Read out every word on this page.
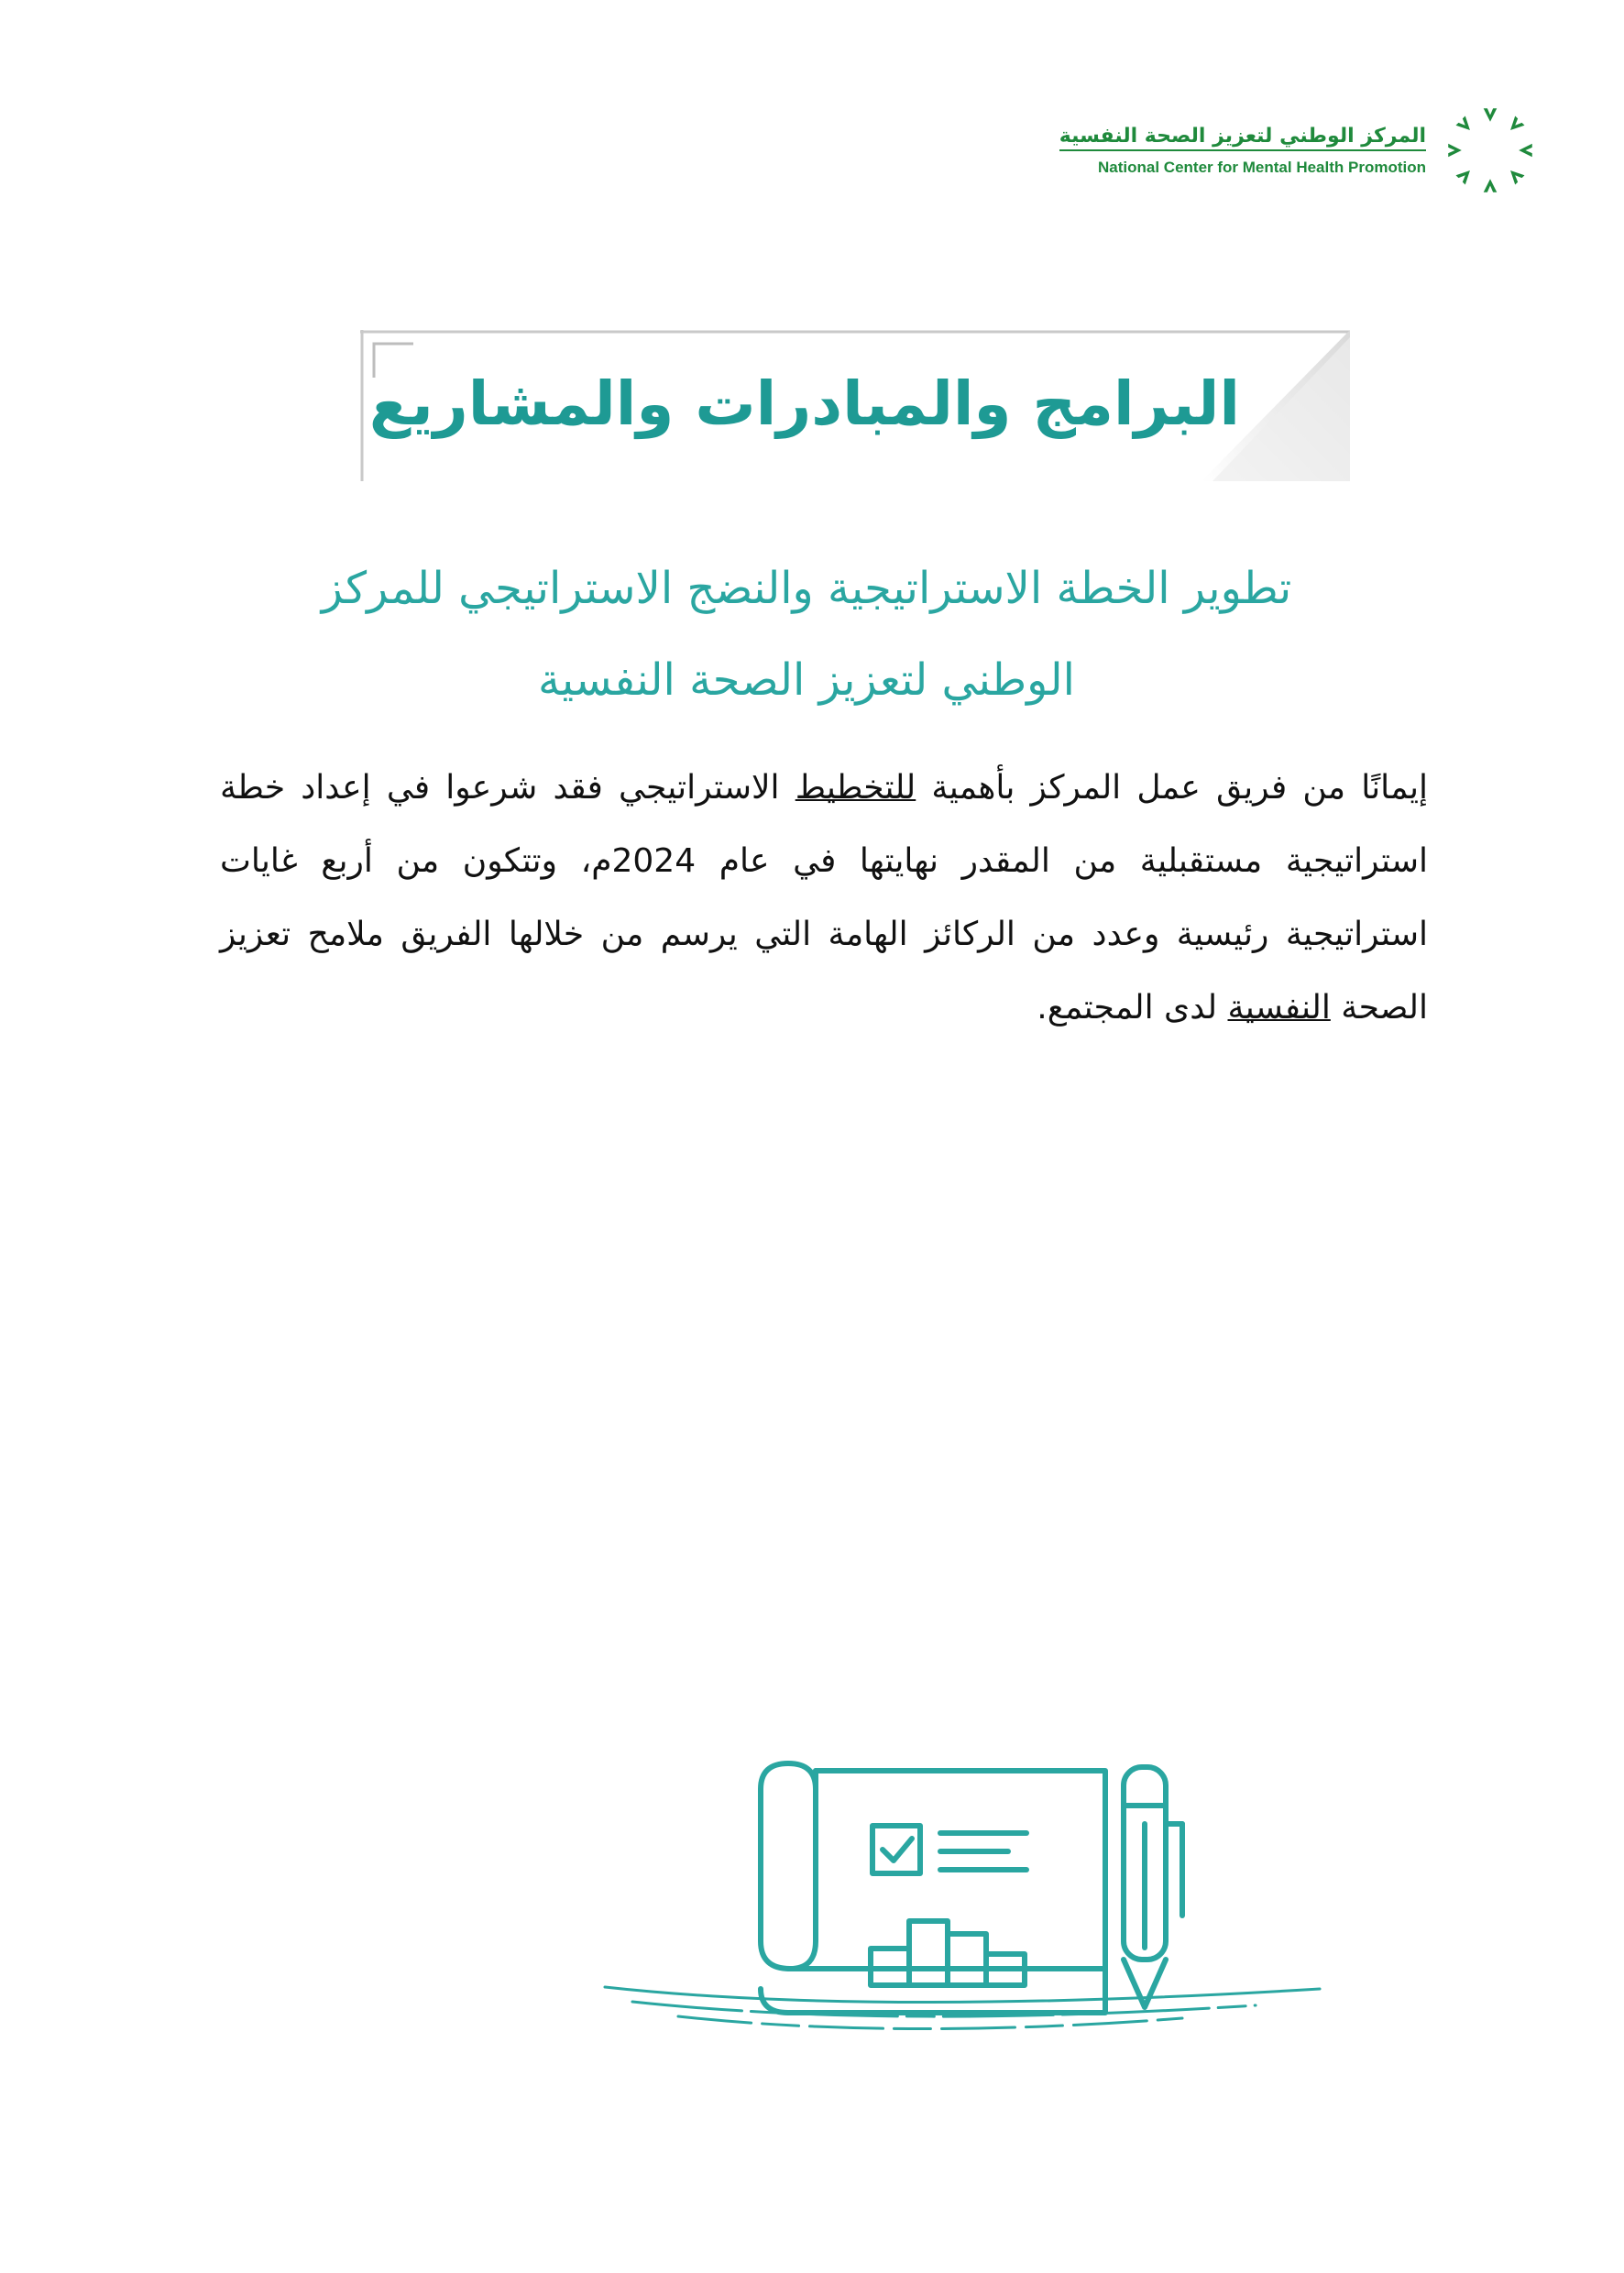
المركز الوطني لتعزيز الصحة النفسية
National Center for Mental Health Promotion
البرامج والمبادرات والمشاريع
تطوير الخطة الاستراتيجية والنضج الاستراتيجي للمركز
الوطني لتعزيز الصحة النفسية

إيمانًا من فريق عمل المركز بأهمية للتخطيط الاستراتيجي فقد شرعوا في إعداد خطة استراتيجية مستقبلية من المقدر نهايتها في عام 2024م، وتتكون من أربع غايات استراتيجية رئيسية وعدد من الركائز الهامة التي يرسم من خلالها الفريق ملامح تعزيز الصحة النفسية لدى المجتمع.
